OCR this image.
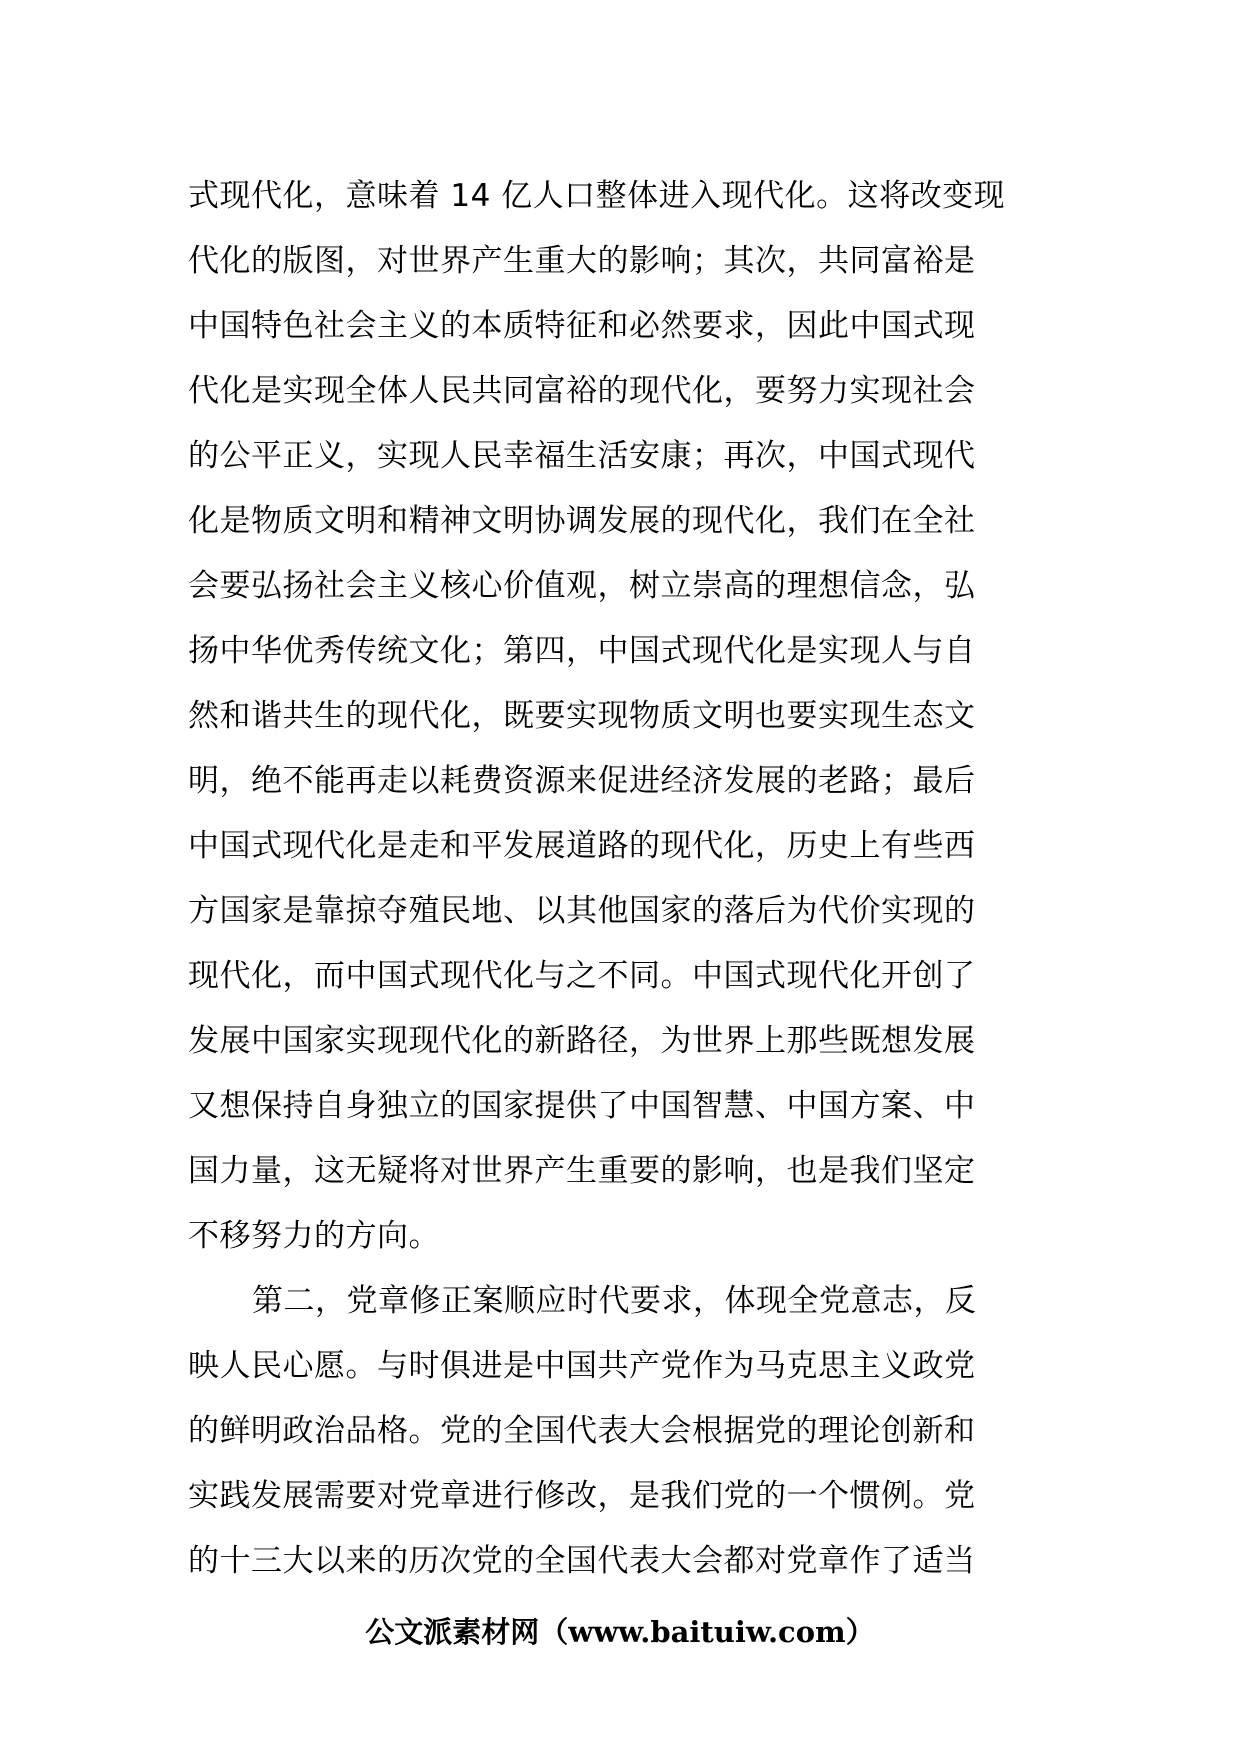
式现代化，意味着 14 亿人口整体进入现代化。这将改变现
代化的版图，对世界产生重大的影响；其次，共同富裕是
中国特色社会主义的本质特征和必然要求，因此中国式现
代化是实现全体人民共同富裕的现代化，要努力实现社会
的公平正义，实现人民幸福生活安康；再次，中国式现代
化是物质文明和精神文明协调发展的现代化，我们在全社
会要弘扬社会主义核心价值观，树立崇高的理想信念，弘
扬中华优秀传统文化；第四，中国式现代化是实现人与自
然和谐共生的现代化，既要实现物质文明也要实现生态文
明，绝不能再走以耗费资源来促进经济发展的老路；最后
中国式现代化是走和平发展道路的现代化，历史上有些西
方国家是靠掠夺殖民地、以其他国家的落后为代价实现的
现代化，而中国式现代化与之不同。中国式现代化开创了
发展中国家实现现代化的新路径，为世界上那些既想发展
又想保持自身独立的国家提供了中国智慧、中国方案、中
国力量，这无疑将对世界产生重要的影响，也是我们坚定
不移努力的方向。
第二，党章修正案顺应时代要求，体现全党意志，反
映人民心愿。与时俱进是中国共产党作为马克思主义政党
的鲜明政治品格。党的全国代表大会根据党的理论创新和
实践发展需要对党章进行修改，是我们党的一个惯例。党
的十三大以来的历次党的全国代表大会都对党章作了适当
公文派素材网（www.baituiw.com）
